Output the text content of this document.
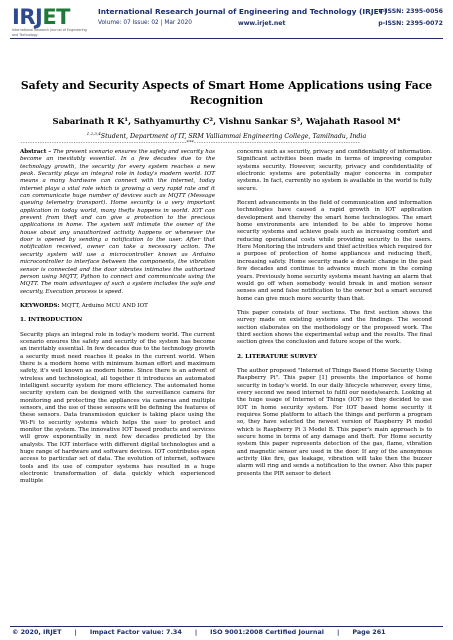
IRJET
International Research Journal of Engineering and Technology
International Research Journal of Engineering and Technology (IRJET)
Volume: 07 Issue: 02 | Mar 2020	www.irjet.net
e-ISSN: 2395-0056
p-ISSN: 2395-0072
Safety and Security Aspects of Smart Home Applications using Face Recognition
Sabarinath R K¹, Sathyamurthy C², Vishnu Sankar S³, Wajahath Rasool M⁴
$^{1,2,3,4}$Student, Department of IT, SRM Valliammai Engineering College, Tamilnadu, India
---------------------------------------------------------------------***---------------------------------------------------------------------

Abstract – The present scenario ensures the safety and security has become an inevitably essential. In a few decades due to the technology growth, the security for every system reaches a new peak. Security plays an integral role in today's modern world. IOT means a many hardware can connect with the internet, today internet plays a vital role which is growing a very rapid rate and it can communicate huge number of devices such as MQTT (Message queuing telemetry transport). Home security is a very important application in today world, many thefts happens in world. IOT can prevent from theft and can give a protection to the precious applications in home. The system will intimate the owner of the house about any unauthorized activity happens or whenever the door is opened by sending a notification to the user. After that notification received, owner can take a necessary action. The security system will use a microcontroller known as Arduino microcontroller to interface between the components, the vibration sensor is connected and the door vibrates intimates the authorized person using MQTT, Python to connect and communicate using the MQTT. The main advantages of such a system includes the safe and security, Execution process is speed.

KEYWORDS: MQTT, Arduino MCU AND IOT

1. INTRODUCTION

Security plays an integral role in today's modern world. The current scenario ensures the safety and security of the system has become an inevitably essential. In few decades due to the technology growth a security must need reaches it peaks in the current world. When there is a modern home with minimum human effort and maximum safety, it's well known as modern home. Since there is an advent of wireless and technological, all together it introduces an automated intelligent security system for more efficiency. The automated home security system can be designed with the surveillance camera for monitoring and protecting the appliances via cameras and multiple sensors, and the use of these sensors will be defining the features of these sensors. Data transmission quicker is taking place using the Wi-Fi to security systems which helps the user to protect and monitor the system. The innovative IOT based products and services will grow exponentially in next few decades predicted by the analysts. The IOT interface with different digital technologies and a huge range of hardware and software devices. IOT contributes open access to particular set of data. The evolution of internet, software tools and its use of computer systems has resulted in a huge electronic transformation of data quickly which experienced multiple

concerns such as security, privacy and confidentiality of information. Significant activities been made in terms of improving computer systems security. However, security, privacy and confidentiality of electronic systems are potentially major concerns in computer systems. In fact, currently no system is available in the world is fully secure.

Recent advancements in the field of communication and information technologies have caused a rapid growth in IOT application development and thereby the smart home technologies. The smart home environments are intended to be able to improve home security systems and achieve goals such as increasing comfort and reducing operational costs while providing security to the users. Here Monitoring the intruders and thief activities which required for a purpose of protection of home appliances and reducing theft, increasing safety. Home security made a drastic change in the past few decades and continue to advance much more in the coming years. Previously home security systems meant having an alarm that would go off when somebody would break in and motion sensor senses and send false notification to the owner but a smart secured home can give much more security than that.

This paper consists of four sections. The first section shows the survey made on existing systems and the findings. The second section elaborates on the methodology or the proposed work. The third section shows the experimental setup and the results. The final section gives the conclusion and future scope of the work.

2. LITERATURE SURVEY

The author proposed "Internet of Things Based Home Security Using Raspberry Pi". This paper [1] presents the importance of home security in today's world. In our daily lifecycle wherever, every time, every second we need internet to fulfil our needs/search. Looking at the huge usage of Internet of Things (IOT) so they decided to use IOT in home security system. For IOT based home security it requires Some platform to attach the things and perform a program so, they have selected the newest version of Raspberry Pi model which is Raspberry Pi 3 Model B. This paper's main approach is to secure home in terms of any damage and theft. For Home security system this paper represents detection of the gas, flame, vibration and magnetic sensor are used in the door. If any of the anonymous activity like fire, gas leakage, vibration will take then the buzzer alarm will ring and sends a notification to the owner. Also this paper presents the PIR sensor to detect

© 2020, IRJET | Impact Factor value: 7.34 | ISO 9001:2008 Certified Journal | Page 261
